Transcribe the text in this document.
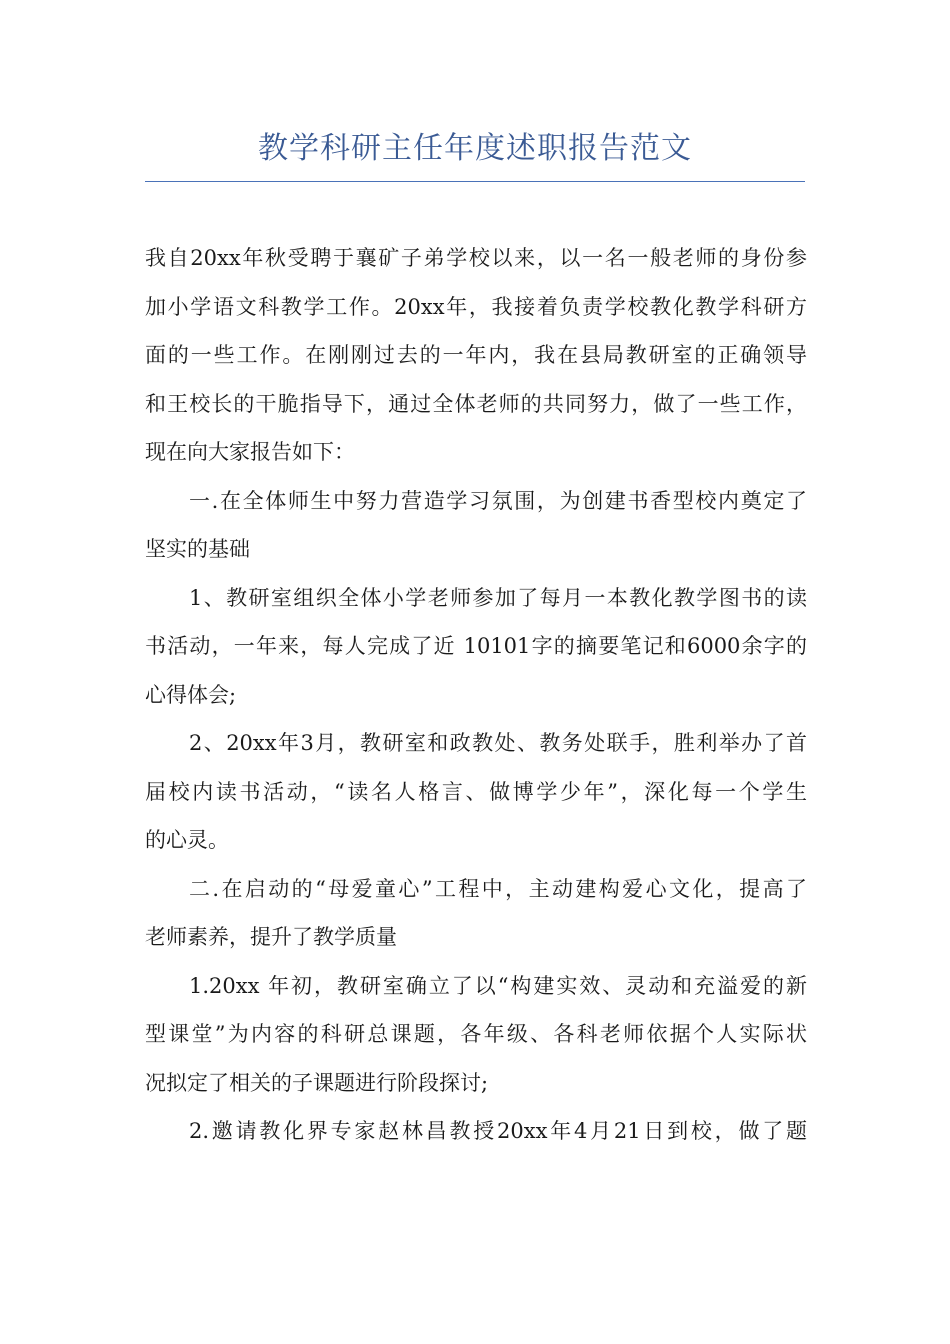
教学科研主任年度述职报告范文
我自20xx年秋受聘于襄矿子弟学校以来，以一名一般老师的身份参
加小学语文科教学工作。20xx年，我接着负责学校教化教学科研方
面的一些工作。在刚刚过去的一年内，我在县局教研室的正确领导
和王校长的干脆指导下，通过全体老师的共同努力，做了一些工作，
现在向大家报告如下：
一.在全体师生中努力营造学习氛围，为创建书香型校内奠定了
坚实的基础
1、教研室组织全体小学老师参加了每月一本教化教学图书的读
书活动，一年来，每人完成了近 10101字的摘要笔记和6000余字的
心得体会;
2、20xx年3月，教研室和政教处、教务处联手，胜利举办了首
届校内读书活动，“读名人格言、做博学少年”，深化每一个学生
的心灵。
二.在启动的“母爱童心”工程中，主动建构爱心文化，提高了
老师素养，提升了教学质量
1.20xx 年初，教研室确立了以“构建实效、灵动和充溢爱的新
型课堂”为内容的科研总课题，各年级、各科老师依据个人实际状
况拟定了相关的子课题进行阶段探讨;
2.邀请教化界专家赵林昌教授20xx年4月21日到校，做了题
